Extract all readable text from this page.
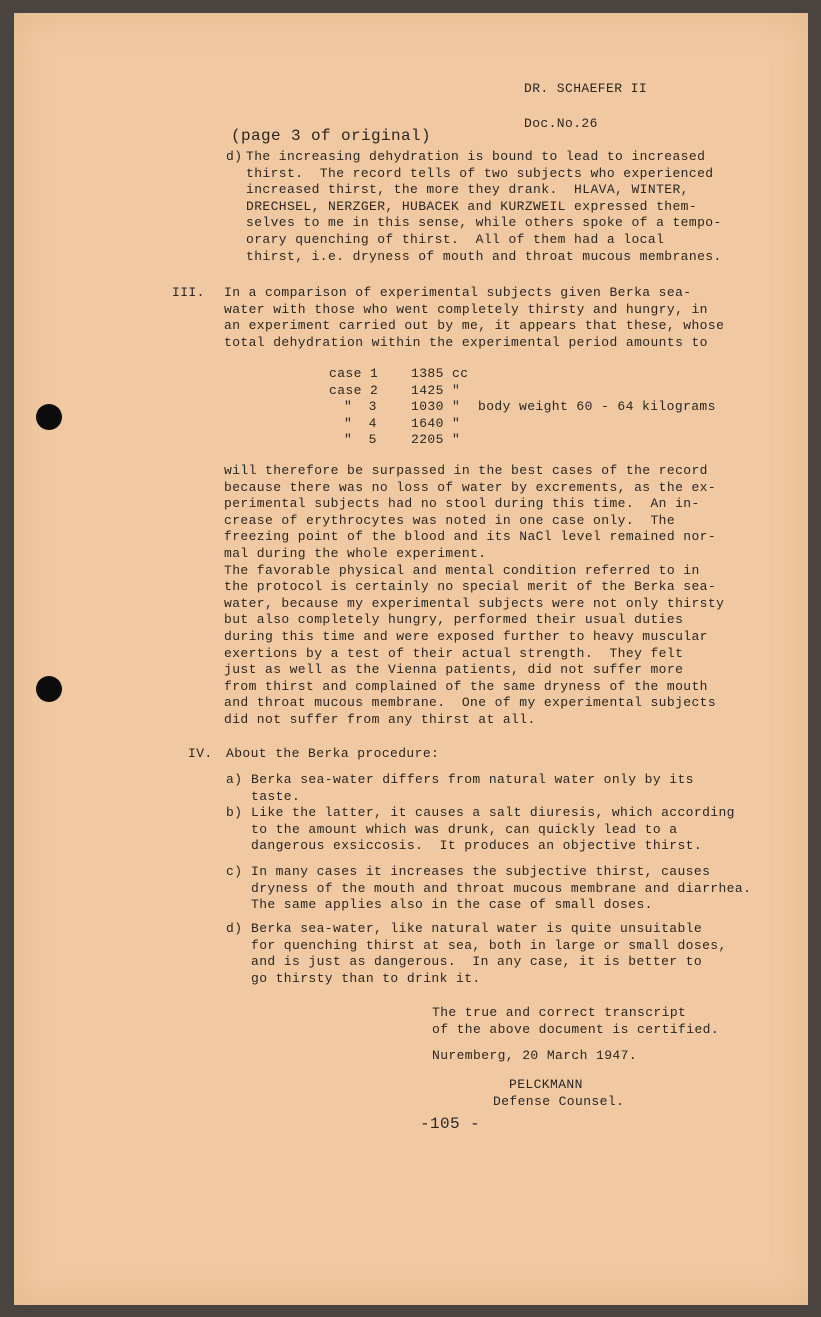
DR. SCHAEFER II

Doc.No.26

(page 3 of original)

d) The increasing dehydration is bound to lead to increased

thirst.  The record tells of two subjects who experienced

increased thirst, the more they drank.  HLAVA, WINTER,

DRECHSEL, NERZGER, HUBACEK and KURZWEIL expressed them-

selves to me in this sense, while others spoke of a tempo-

orary quenching of thirst.  All of them had a local

thirst, i.e. dryness of mouth and throat mucous membranes.

III. In a comparison of experimental subjects given Berka sea-

water with those who went completely thirsty and hungry, in

an experiment carried out by me, it appears that these, whose

total dehydration within the experimental period amounts to

case 1	1385 cc

case 2	1425 "

"  3	1030 " body weight 60 - 64 kilograms

"  4	1640 "

"  5	2205 "

will therefore be surpassed in the best cases of the record

because there was no loss of water by excrements, as the ex-

perimental subjects had no stool during this time.  An in-

crease of erythrocytes was noted in one case only.  The

freezing point of the blood and its NaCl level remained nor-

mal during the whole experiment.

The favorable physical and mental condition referred to in

the protocol is certainly no special merit of the Berka sea-

water, because my experimental subjects were not only thirsty

but also completely hungry, performed their usual duties

during this time and were exposed further to heavy muscular

exertions by a test of their actual strength.  They felt

just as well as the Vienna patients, did not suffer more

from thirst and complained of the same dryness of the mouth

and throat mucous membrane.  One of my experimental subjects

did not suffer from any thirst at all.

IV. About the Berka procedure:

a) Berka sea-water differs from natural water only by its

taste.

b) Like the latter, it causes a salt diuresis, which according

to the amount which was drunk, can quickly lead to a

dangerous exsiccosis.  It produces an objective thirst.

c) In many cases it increases the subjective thirst, causes

dryness of the mouth and throat mucous membrane and diarrhea.

The same applies also in the case of small doses.

d) Berka sea-water, like natural water is quite unsuitable

for quenching thirst at sea, both in large or small doses,

and is just as dangerous.  In any case, it is better to

go thirsty than to drink it.

The true and correct transcript

of the above document is certified.

Nuremberg, 20 March 1947.

PELCKMANN

Defense Counsel.

-105 -
